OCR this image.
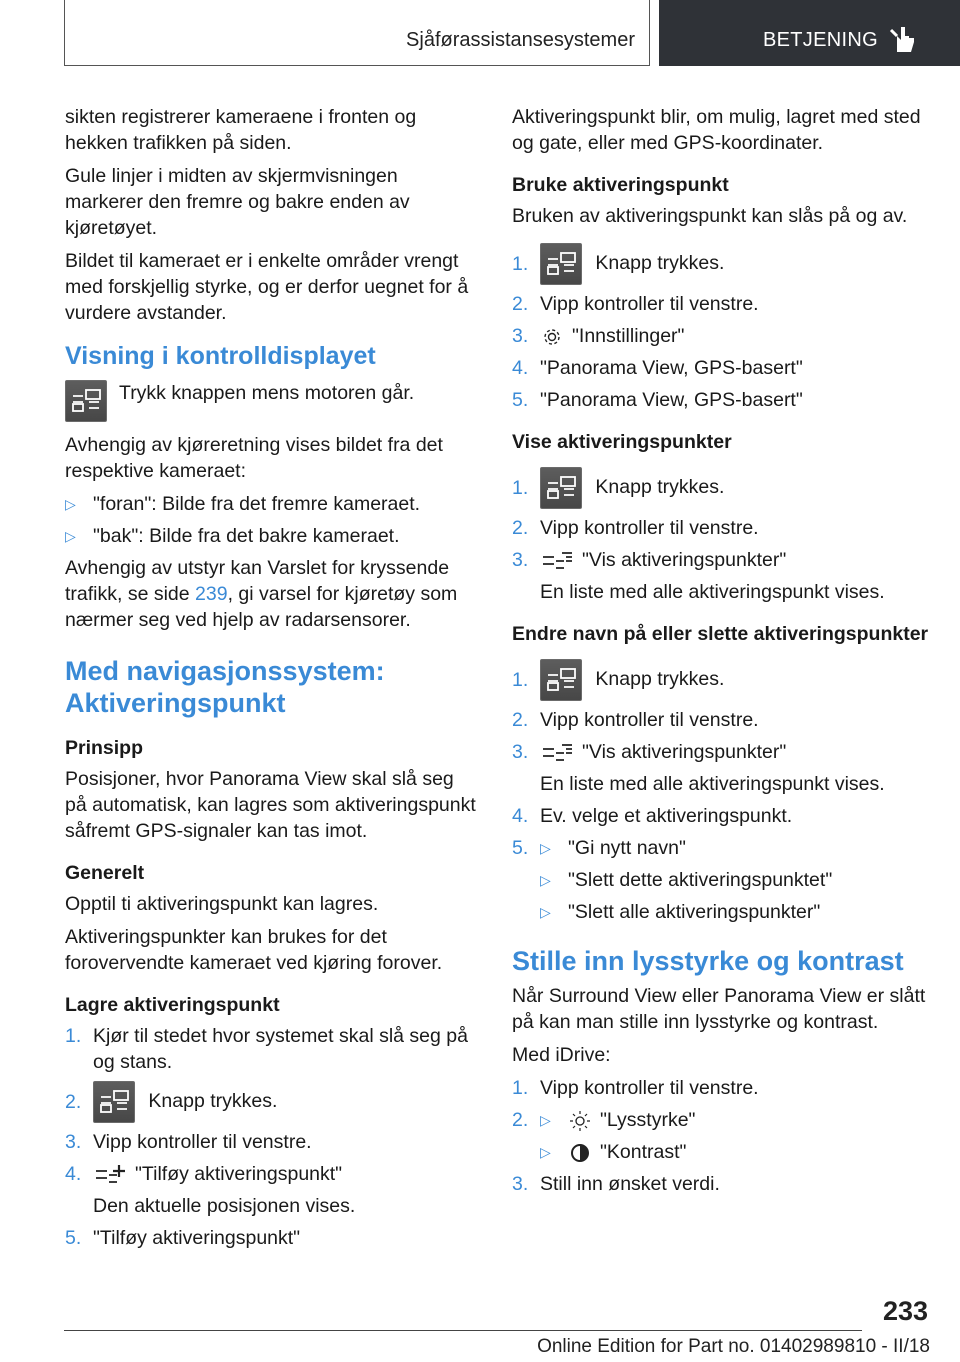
Sjåførassistansesystemer	BETJENING

sikten registrerer kameraene i fronten og hekken trafikken på siden.

Gule linjer i midten av skjermvisningen markerer den fremre og bakre enden av kjøretøyet.

Bildet til kameraet er i enkelte områder vrengt med forskjellig styrke, og er derfor uegnet for å vurdere avstander.

Visning i kontrolldisplayet
Trykk knappen mens motoren går.

Avhengig av kjøreretning vises bildet fra det respektive kameraet:

▷ "foran": Bilde fra det fremre kameraet.
▷ "bak": Bilde fra det bakre kameraet.

Avhengig av utstyr kan Varslet for kryssende trafikk, se side 239, gi varsel for kjøretøy som nærmer seg ved hjelp av radarsensorer.

Med navigasjonssystem:
Aktiveringspunkt
Prinsipp

Posisjoner, hvor Panorama View skal slå seg på automatisk, kan lagres som aktiveringspunkt såfremt GPS-signaler kan tas imot.

Generelt

Opptil ti aktiveringspunkt kan lagres.

Aktiveringspunkter kan brukes for det forovervendte kameraet ved kjøring forover.

Lagre aktiveringspunkt
1. Kjør til stedet hvor systemet skal slå seg på og stans.
2.	Knapp trykkes.
3. Vipp kontroller til venstre.
4.	"Tilføy aktiveringspunkt"
Den aktuelle posisjonen vises.
5. "Tilføy aktiveringspunkt"

Aktiveringspunkt blir, om mulig, lagret med sted og gate, eller med GPS-koordinater.

Bruke aktiveringspunkt

Bruken av aktiveringspunkt kan slås på og av.

1.	Knapp trykkes.
2. Vipp kontroller til venstre.
3.	"Innstillinger"
4. "Panorama View, GPS-basert"
5. "Panorama View, GPS-basert"
Vise aktiveringspunkter
1.	Knapp trykkes.
2. Vipp kontroller til venstre.
3.	"Vis aktiveringspunkter"
En liste med alle aktiveringspunkt vises.
Endre navn på eller slette aktiveringspunkter
1.	Knapp trykkes.
2. Vipp kontroller til venstre.
3.	"Vis aktiveringspunkter"
En liste med alle aktiveringspunkt vises.
4. Ev. velge et aktiveringspunkt.
5. ▷ "Gi nytt navn"
▷ "Slett dette aktiveringspunktet"
▷ "Slett alle aktiveringspunkter"
Stille inn lysstyrke og kontrast

Når Surround View eller Panorama View er slått på kan man stille inn lysstyrke og kontrast.

Med iDrive:

1. Vipp kontroller til venstre.
2. ▷	"Lysstyrke"
▷	"Kontrast"
3. Still inn ønsket verdi.
233
Online Edition for Part no. 01402989810 - II/18
